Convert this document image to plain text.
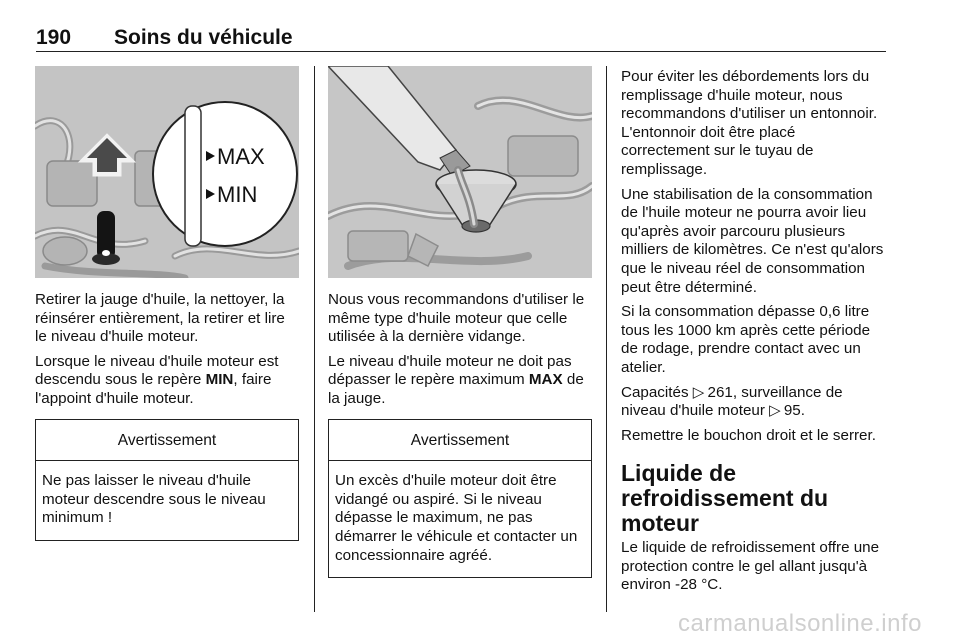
190 Soins du véhicule
MAX
MIN

Retirer la jauge d'huile, la nettoyer, la réinsérer entièrement, la retirer et lire le niveau d'huile moteur.

Lorsque le niveau d'huile moteur est descendu sous le repère MIN, faire l'appoint d'huile moteur.

Avertissement
Ne pas laisser le niveau d'huile moteur descendre sous le niveau minimum !

Nous vous recommandons d'utiliser le même type d'huile moteur que celle utilisée à la dernière vidange.

Le niveau d'huile moteur ne doit pas dépasser le repère maximum MAX de la jauge.

Avertissement
Un excès d'huile moteur doit être vidangé ou aspiré. Si le niveau dépasse le maximum, ne pas démarrer le véhicule et contacter un concessionnaire agréé.

Pour éviter les débordements lors du remplissage d'huile moteur, nous recommandons d'utiliser un entonnoir. L'entonnoir doit être placé correctement sur le tuyau de remplissage.

Une stabilisation de la consommation de l'huile moteur ne pourra avoir lieu qu'après avoir parcouru plusieurs milliers de kilomètres. Ce n'est qu'alors que le niveau réel de consommation peut être déterminé.

Si la consommation dépasse 0,6 litre tous les 1000 km après cette période de rodage, prendre contact avec un atelier.

Capacités ▷  261, surveillance de niveau d'huile moteur ▷  95.

Remettre le bouchon droit et le serrer.

Liquide de refroidissement du moteur

Le liquide de refroidissement offre une protection contre le gel allant jusqu'à environ -28 °C.

carmanualsonline.info
